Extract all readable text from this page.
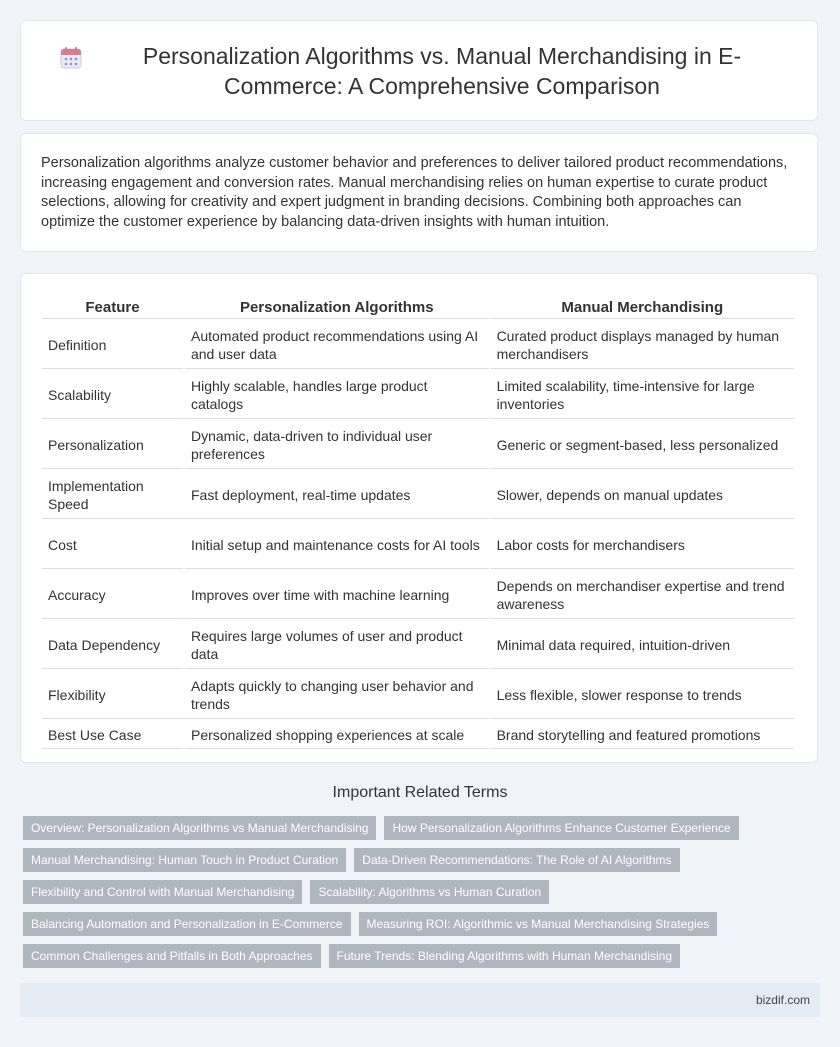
Personalization Algorithms vs. Manual Merchandising in E-Commerce: A Comprehensive Comparison
Personalization algorithms analyze customer behavior and preferences to deliver tailored product recommendations, increasing engagement and conversion rates. Manual merchandising relies on human expertise to curate product selections, allowing for creativity and expert judgment in branding decisions. Combining both approaches can optimize the customer experience by balancing data-driven insights with human intuition.
Feature	Personalization Algorithms	Manual Merchandising
Definition	Automated product recommendations using AI and user data	Curated product displays managed by human merchandisers
Scalability	Highly scalable, handles large product catalogs	Limited scalability, time-intensive for large inventories
Personalization	Dynamic, data-driven to individual user preferences	Generic or segment-based, less personalized
Implementation Speed	Fast deployment, real-time updates	Slower, depends on manual updates
Cost	Initial setup and maintenance costs for AI tools	Labor costs for merchandisers
Accuracy	Improves over time with machine learning	Depends on merchandiser expertise and trend awareness
Data Dependency	Requires large volumes of user and product data	Minimal data required, intuition-driven
Flexibility	Adapts quickly to changing user behavior and trends	Less flexible, slower response to trends
Best Use Case	Personalized shopping experiences at scale	Brand storytelling and featured promotions
Important Related Terms
Overview: Personalization Algorithms vs Manual Merchandising	How Personalization Algorithms Enhance Customer Experience
Manual Merchandising: Human Touch in Product Curation	Data-Driven Recommendations: The Role of AI Algorithms
Flexibility and Control with Manual Merchandising	Scalability: Algorithms vs Human Curation
Balancing Automation and Personalization in E-Commerce	Measuring ROI: Algorithmic vs Manual Merchandising Strategies
Common Challenges and Pitfalls in Both Approaches	Future Trends: Blending Algorithms with Human Merchandising
bizdif.com
